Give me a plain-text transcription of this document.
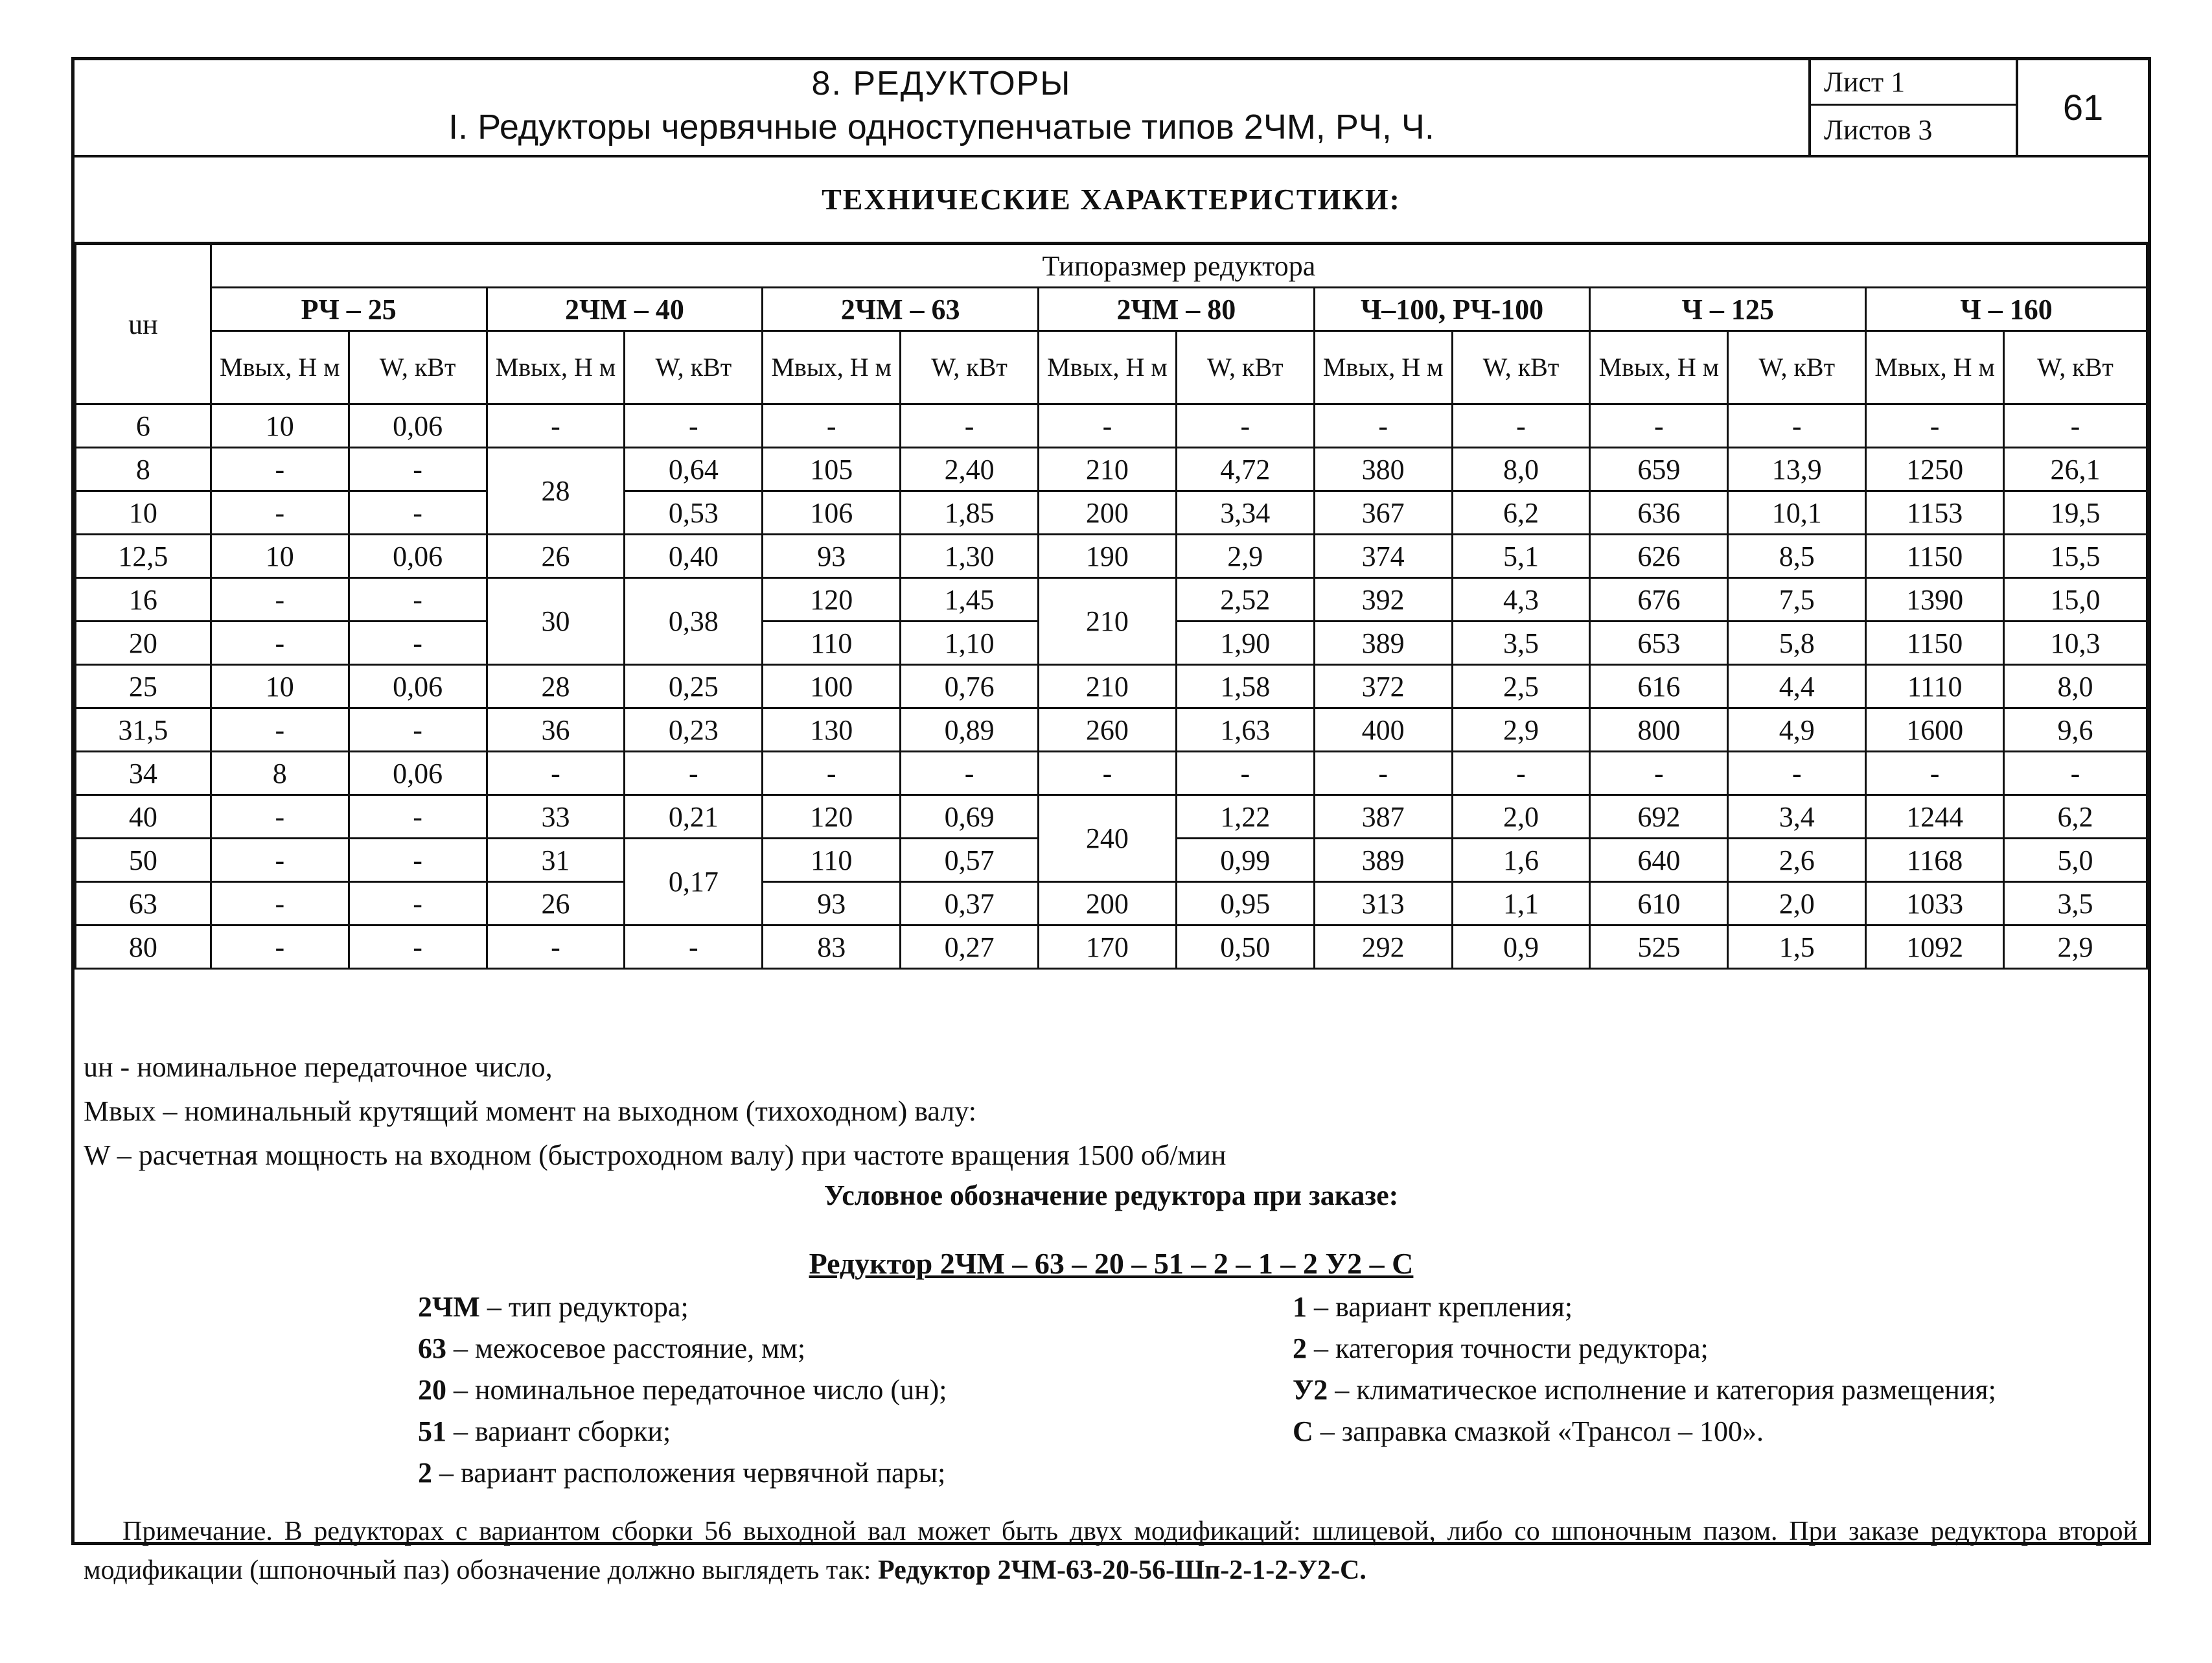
8. РЕДУКТОРЫ
I. Редукторы червячные одноступенчатые типов 2ЧМ, РЧ, Ч.
Лист 1
Листов 3
61
ТЕХНИЧЕСКИЕ ХАРАКТЕРИСТИКИ:
uн	Типоразмер редуктора													
	РЧ – 25		2ЧМ – 40		2ЧМ – 63		2ЧМ – 80		Ч–100, РЧ-100		Ч – 125		Ч – 160	
	Mвых, Н м	W, кВт	Mвых, Н м	W, кВт	Mвых, Н м	W, кВт	Mвых, Н м	W, кВт	Mвых, Н м	W, кВт	Mвых, Н м	W, кВт	Mвых, Н м	W, кВт
6	10	0,06	-	-	-	-	-	-	-	-	-	-	-	-
8	-	-	28	0,64	105	2,40	210	4,72	380	8,0	659	13,9	1250	26,1
10	-	-		0,53	106	1,85	200	3,34	367	6,2	636	10,1	1153	19,5
12,5	10	0,06	26	0,40	93	1,30	190	2,9	374	5,1	626	8,5	1150	15,5
16	-	-	30	0,38	120	1,45	210	2,52	392	4,3	676	7,5	1390	15,0
20	-	-			110	1,10		1,90	389	3,5	653	5,8	1150	10,3
25	10	0,06	28	0,25	100	0,76	210	1,58	372	2,5	616	4,4	1110	8,0
31,5	-	-	36	0,23	130	0,89	260	1,63	400	2,9	800	4,9	1600	9,6
34	8	0,06	-	-	-	-	-	-	-	-	-	-	-	-
40	-	-	33	0,21	120	0,69	240	1,22	387	2,0	692	3,4	1244	6,2
50	-	-	31	0,17	110	0,57		0,99	389	1,6	640	2,6	1168	5,0
63	-	-	26		93	0,37	200	0,95	313	1,1	610	2,0	1033	3,5
80	-	-	-	-	83	0,27	170	0,50	292	0,9	525	1,5	1092	2,9
uн - номинальное передаточное число,
Mвых – номинальный крутящий момент на выходном (тихоходном) валу:
W – расчетная мощность на входном (быстроходном валу) при частоте вращения 1500 об/мин
Условное обозначение редуктора при заказе:
Редуктор 2ЧМ – 63 – 20 – 51 – 2 – 1 – 2 У2 – С
2ЧМ – тип редуктора;
63 – межосевое расстояние, мм;
20 – номинальное передаточное число (uн);
51 – вариант сборки;
2 – вариант расположения червячной пары;
1 – вариант крепления;
2 – категория точности редуктора;
У2 – климатическое исполнение и категория размещения;
С – заправка смазкой «Трансол – 100».
Примечание. В редукторах с вариантом сборки 56 выходной вал может быть двух модификаций: шлицевой, либо со шпоночным пазом. При заказе редуктора второй модификации (шпоночный паз) обозначение должно выглядеть так: Редуктор 2ЧМ-63-20-56-Шп-2-1-2-У2-С.
